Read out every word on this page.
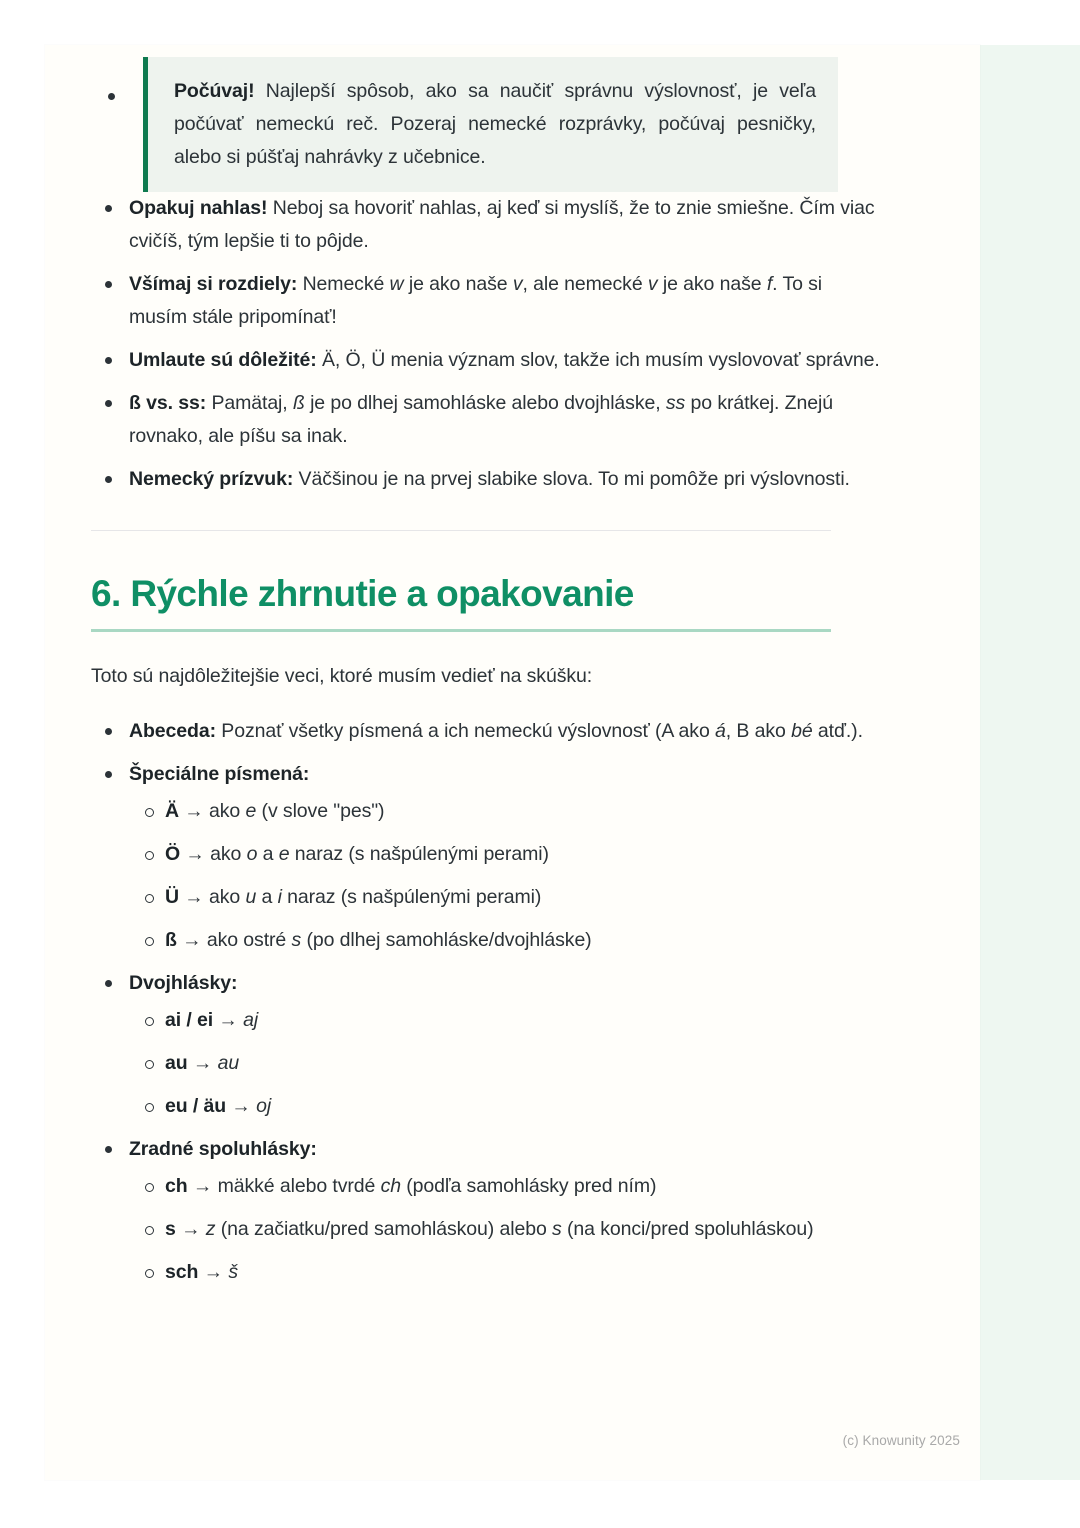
Počúvaj! Najlepší spôsob, ako sa naučiť správnu výslovnosť, je veľa počúvať nemeckú reč. Pozeraj nemecké rozprávky, počúvaj pesničky, alebo si púšťaj nahrávky z učebnice.
Opakuj nahlas! Neboj sa hovoriť nahlas, aj keď si myslíš, že to znie smiešne. Čím viac cvičíš, tým lepšie ti to pôjde.
Všímaj si rozdiely: Nemecké w je ako naše v, ale nemecké v je ako naše f. To si musím stále pripomínať!
Umlaute sú dôležité: Ä, Ö, Ü menia význam slov, takže ich musím vyslovovať správne.
ß vs. ss: Pamätaj, ß je po dlhej samohláske alebo dvojhláske, ss po krátkej. Znejú rovnako, ale píšu sa inak.
Nemecký prízvuk: Väčšinou je na prvej slabike slova. To mi pomôže pri výslovnosti.
6. Rýchle zhrnutie a opakovanie
Toto sú najdôležitejšie veci, ktoré musím vedieť na skúšku:
Abeceda: Poznať všetky písmená a ich nemeckú výslovnosť (A ako á, B ako bé atď.).
Špeciálne písmená:
Ä → ako e (v slove "pes")
Ö → ako o a e naraz (s našpúlenými perami)
Ü → ako u a i naraz (s našpúlenými perami)
ß → ako ostré s (po dlhej samohláske/dvojhláske)
Dvojhlásky:
ai / ei → aj
au → au
eu / äu → oj
Zradné spoluhlásky:
ch → mäkké alebo tvrdé ch (podľa samohlásky pred ním)
s → z (na začiatku/pred samohláskou) alebo s (na konci/pred spoluhláskou)
sch → š
(c) Knowunity 2025
